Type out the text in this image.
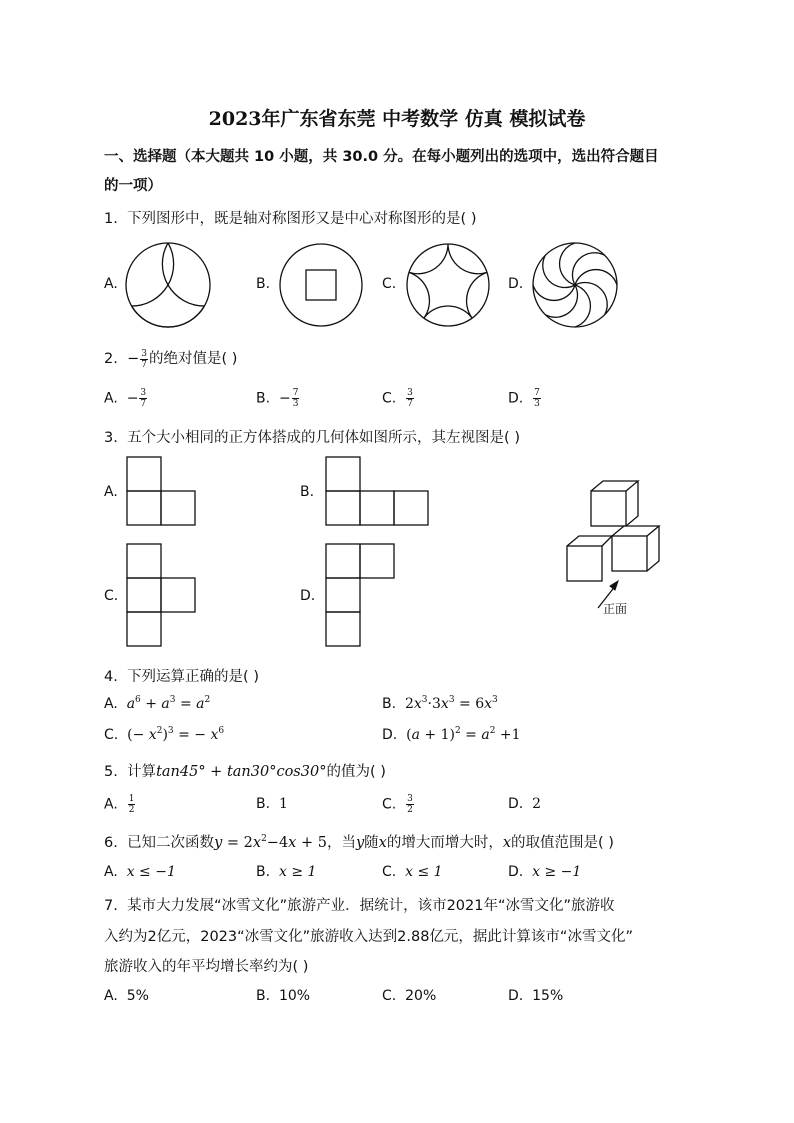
2023年广东省东莞 中考数学 仿真 模拟试卷
一、选择题（本大题共 10 小题，共 30.0 分。在每小题列出的选项中，选出符合题目
的一项）
1. 下列图形中，既是轴对称图形又是中心对称图形的是( )
A.	B.	C.	D.
2. − $\frac{3}{7}$ 的绝对值是( )
A. − $\frac{3}{7}$	B. − $\frac{7}{3}$	C. $\frac{3}{7}$	D. $\frac{7}{3}$
3. 五个大小相同的正方体搭成的几何体如图所示，其左视图是( )
A.	B.
C.	D.
正面
4. 下列运算正确的是( )
A. $a^6 + a^3 = a^2$	B. $2x^3\cdot 3x^3 = 6x^3$
C. (− $x^2)^3$ = − $x^6$	D. $(a + 1)^2 = a^2 +1$
5. 计算tan45° + tan30°cos30°的值为( )
A. $\frac{1}{2}$	B. 1	C. $\frac{3}{2}$	D. 2
6. 已知二次函数$y = 2x^2-4x + 5$，当y随x的增大而增大时，x的取值范围是( )
A. x ≤ −1	B. x ≥ 1	C. x ≤ 1	D. x ≥ −1
7. 某市大力发展“冰雪文化”旅游产业．据统计，该市2021年“冰雪文化”旅游收
入约为2亿元，2023“冰雪文化”旅游收入达到2.88亿元，据此计算该市“冰雪文化”
旅游收入的年平均增长率约为( )
A. 5%	B. 10%	C. 20%	D. 15%
